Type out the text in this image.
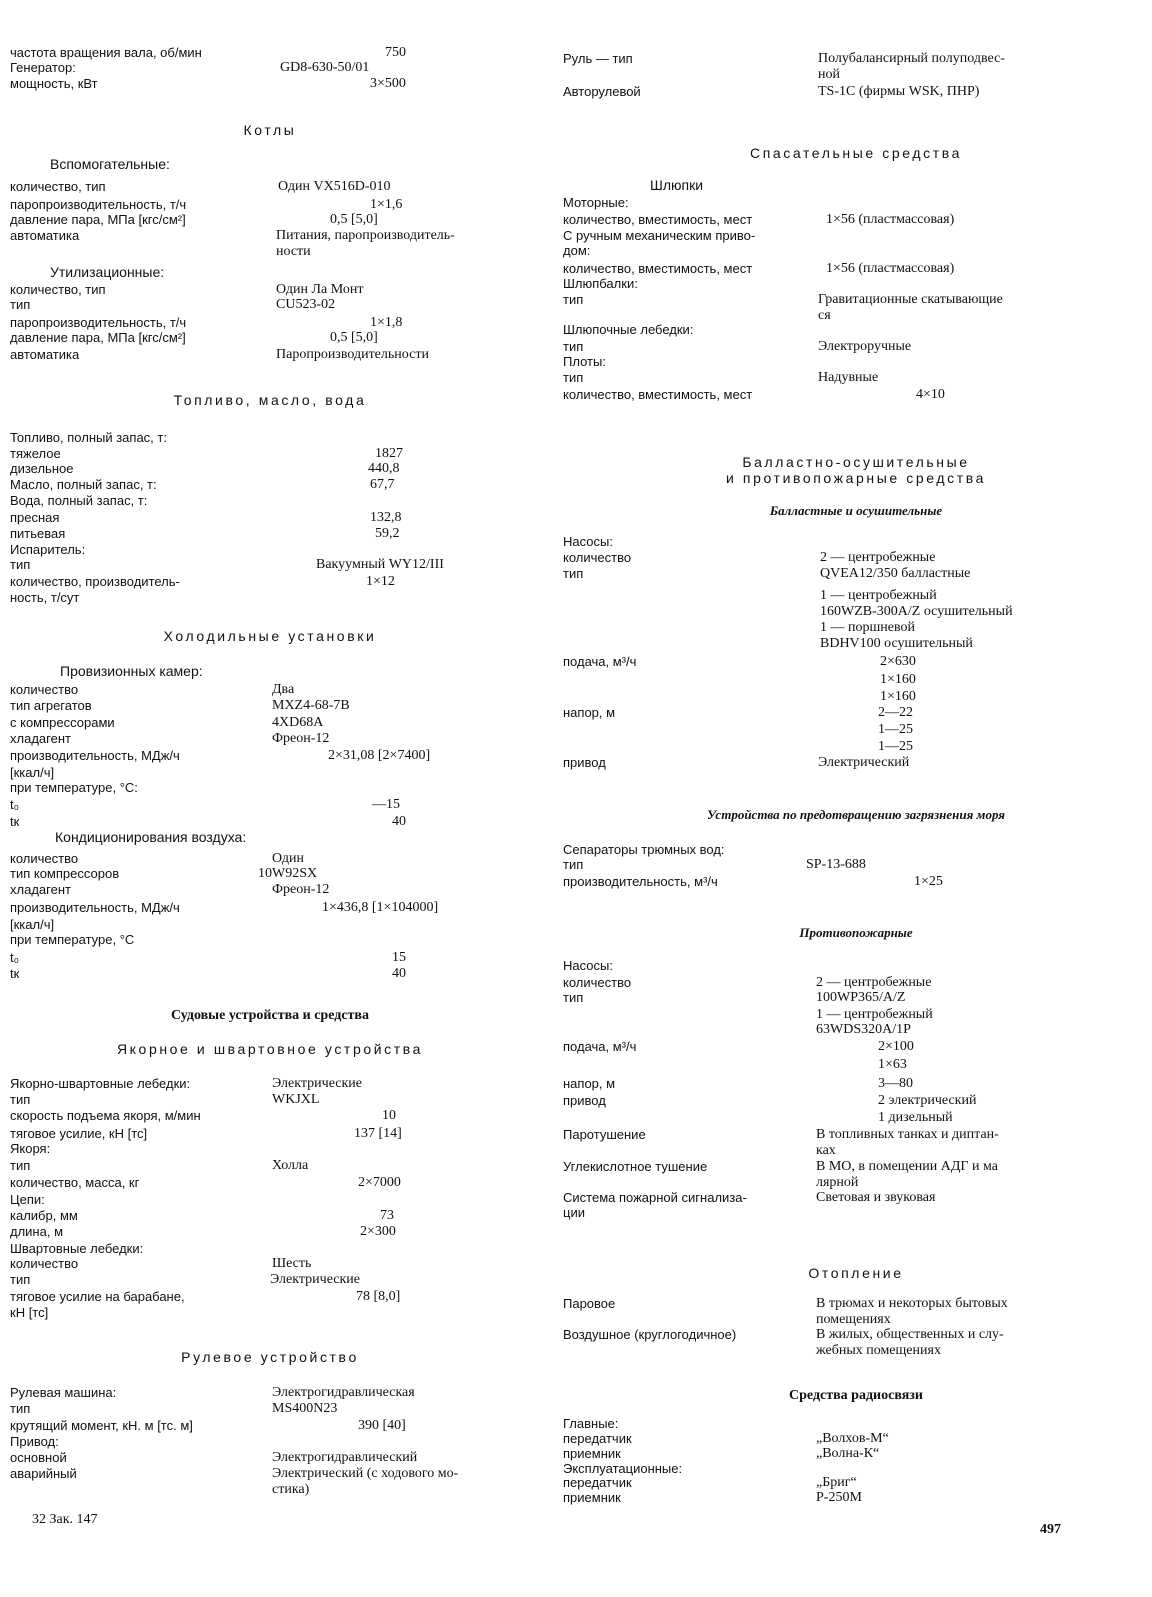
частота вращения вала, об/мин	750
Генератор:	GD8-630-50/01
мощность, кВт	3×500
Котлы
Вспомогательные:
количество, тип	Один VX516D-010
паропроизводительность, т/ч	1×1,6
давление пара, МПа [кгс/см²]	0,5 [5,0]
автоматика	Питания, паропроизводитель-
ности
Утилизационные:
количество, тип	Один Ла Монт
тип	CU523-02
паропроизводительность, т/ч	1×1,8
давление пара, МПа [кгс/см²]	0,5 [5,0]
автоматика	Паропроизводительности
Топливо, масло, вода
Топливо, полный запас, т:
тяжелое	1827
дизельное	440,8
Масло, полный запас, т:	67,7
Вода, полный запас, т:
пресная	132,8
питьевая	59,2
Испаритель:
тип	Вакуумный WY12/III
количество, производитель-	1×12
ность, т/сут
Холодильные установки
Провизионных камер:
количество	Два
тип агрегатов	MXZ4-68-7B
с компрессорами	4XD68A
хладагент	Фреон-12
производительность, МДж/ч	2×31,08 [2×7400]
[ккал/ч]
при температуре, °С:
t₀	—15
tк	40
Кондиционирования воздуха:
количество	Один
тип компрессоров	10W92SX
хладагент	Фреон-12
производительность, МДж/ч	1×436,8 [1×104000]
[ккал/ч]
при температуре, °С
t₀	15
tк	40
Судовые устройства и средства
Якорное и швартовное устройства
Якорно-швартовные лебедки:	Электрические
тип	WKJXL
скорость подъема якоря, м/мин	10
тяговое усилие, кН [тс]	137 [14]
Якоря:
тип	Холла
количество, масса, кг	2×7000
Цепи:
калибр, мм	73
длина, м	2×300
Швартовные лебедки:
количество	Шесть
тип	Электрические
тяговое усилие на барабане,	78 [8,0]
кН [тс]
Рулевое устройство
Рулевая машина:	Электрогидравлическая
тип	MS400N23
крутящий момент, кН. м [тс. м]	390 [40]
Привод:
основной	Электрогидравлический
аварийный	Электрический (с ходового мо-
стика)
Руль — тип	Полубалансирный полуподвес-
ной
Авторулевой	TS-1C (фирмы WSK, ПНР)
Спасательные средства
Шлюпки
Моторные:
количество, вместимость, мест	1×56 (пластмассовая)
С ручным механическим приво-
дом:
количество, вместимость, мест	1×56 (пластмассовая)
Шлюпбалки:
тип	Гравитационные скатывающие
ся
Шлюпочные лебедки:
тип	Электроручные
Плоты:
тип	Надувные
количество, вместимость, мест	4×10
Балластно-осушительные
и противопожарные средства
Балластные и осушительные
Насосы:
количество	2 — центробежные
тип	QVEA12/350 балластные
1 — центробежный
160WZB-300A/Z осушительный
1 — поршневой
BDHV100 осушительный
подача, м³/ч	2×630
1×160
1×160
напор, м	2—22
1—25
1—25
привод	Электрический
Устройства по предотвращению загрязнения моря
Сепараторы трюмных вод:
тип	SP-13-688
производительность, м³/ч	1×25
Противопожарные
Насосы:
количество	2 — центробежные
тип	100WP365/A/Z
1 — центробежный
63WDS320A/1P
подача, м³/ч	2×100
1×63
напор, м	3—80
привод	2 электрический
1 дизельный
Паротушение	В топливных танках и диптан-
ках
Углекислотное тушение	В МО, в помещении АДГ и ма
лярной
Система пожарной сигнализа-	Световая и звуковая
ции
Отопление
Паровое	В трюмах и некоторых бытовых
помещениях
Воздушное (круглогодичное)	В жилых, общественных и слу-
жебных помещениях
Средства радиосвязи
Главные:
передатчик	„Волхов-М“
приемник	„Волна-К“
Эксплуатационные:
передатчик	„Бриг“
приемник	Р-250М
32 Зак. 147
497
